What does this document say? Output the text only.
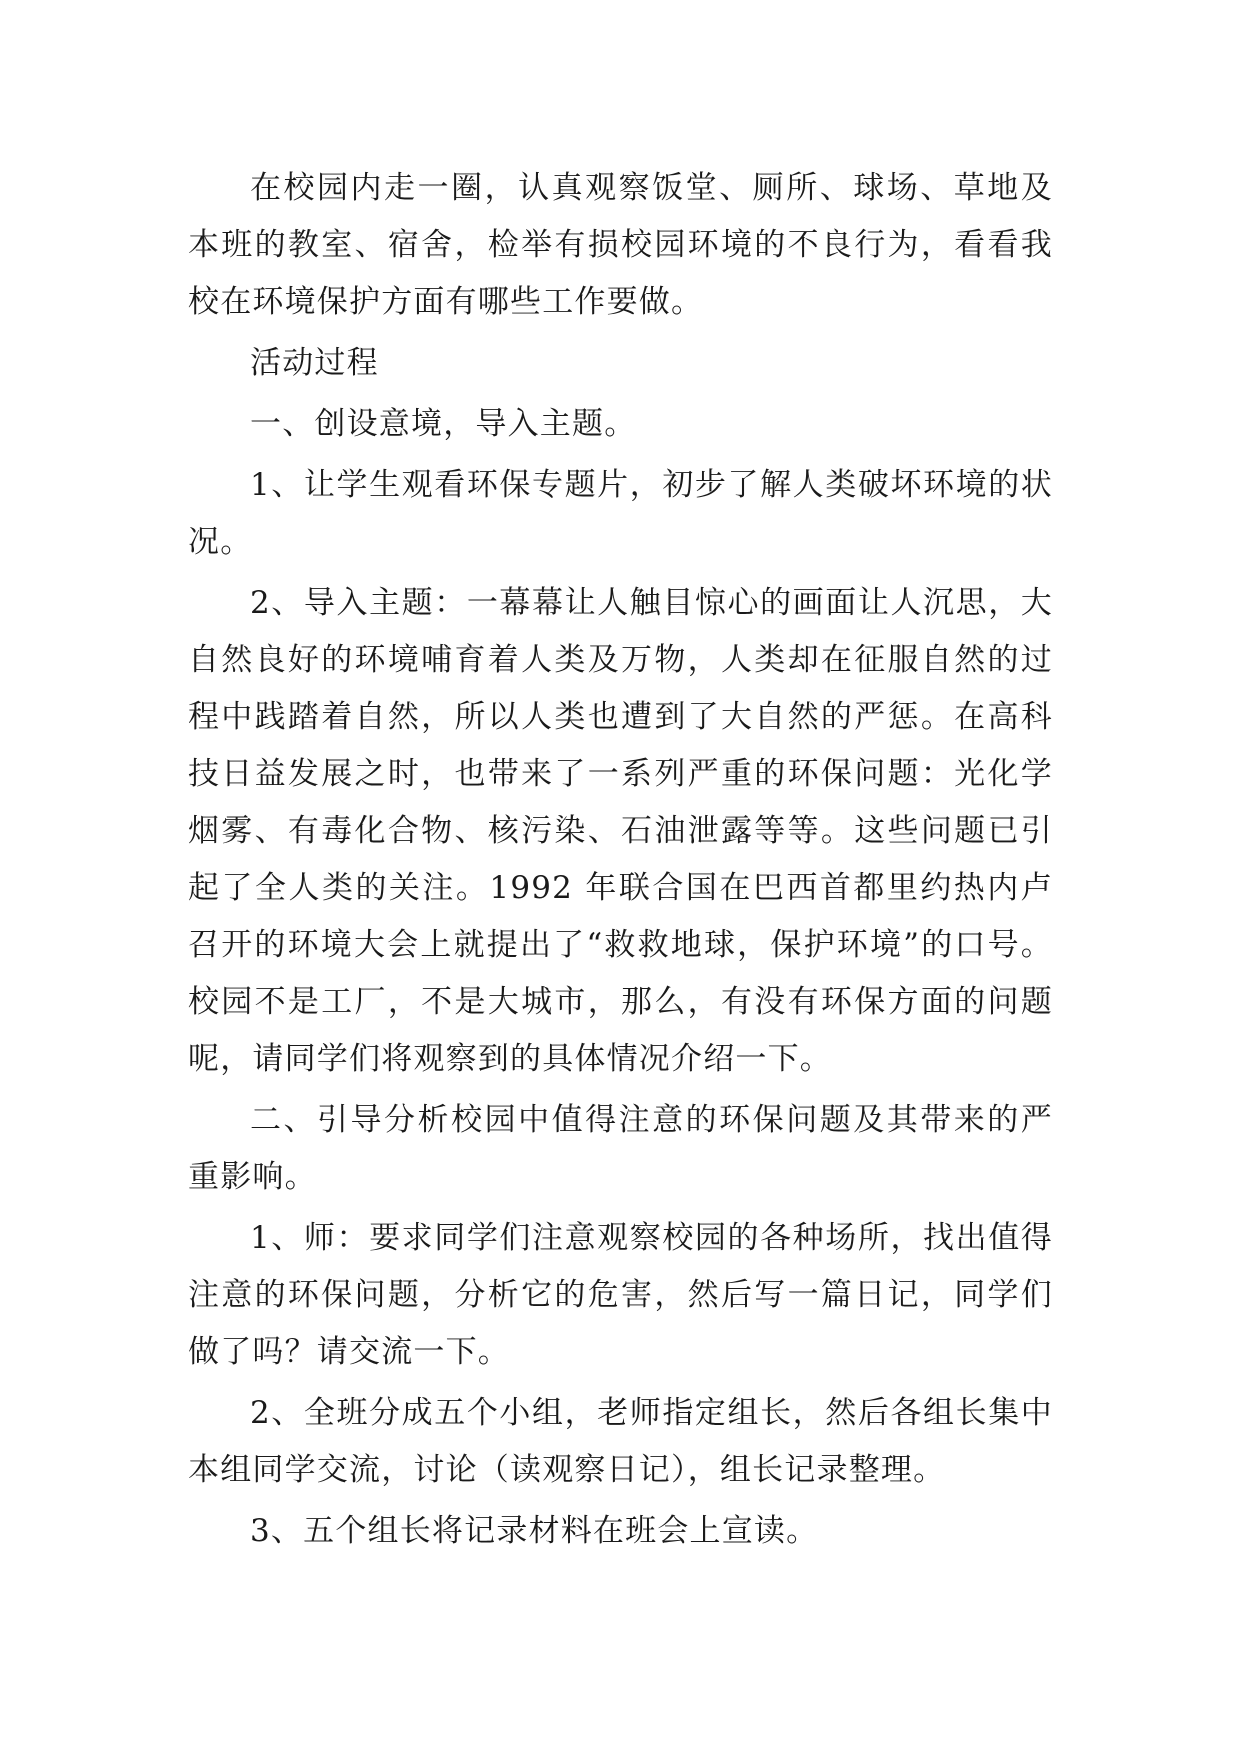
在校园内走一圈，认真观察饭堂、厕所、球场、草地及本班的教室、宿舍，检举有损校园环境的不良行为，看看我校在环境保护方面有哪些工作要做。

活动过程

一、创设意境，导入主题。

1、让学生观看环保专题片，初步了解人类破坏环境的状况。

2、导入主题：一幕幕让人触目惊心的画面让人沉思，大自然良好的环境哺育着人类及万物，人类却在征服自然的过程中践踏着自然，所以人类也遭到了大自然的严惩。在高科技日益发展之时，也带来了一系列严重的环保问题：光化学烟雾、有毒化合物、核污染、石油泄露等等。这些问题已引起了全人类的关注。1992 年联合国在巴西首都里约热内卢召开的环境大会上就提出了“救救地球，保护环境”的口号。校园不是工厂，不是大城市，那么，有没有环保方面的问题呢，请同学们将观察到的具体情况介绍一下。

二、引导分析校园中值得注意的环保问题及其带来的严重影响。

1、师：要求同学们注意观察校园的各种场所，找出值得注意的环保问题，分析它的危害，然后写一篇日记，同学们做了吗？请交流一下。

2、全班分成五个小组，老师指定组长，然后各组长集中本组同学交流，讨论（读观察日记），组长记录整理。

3、五个组长将记录材料在班会上宣读。
